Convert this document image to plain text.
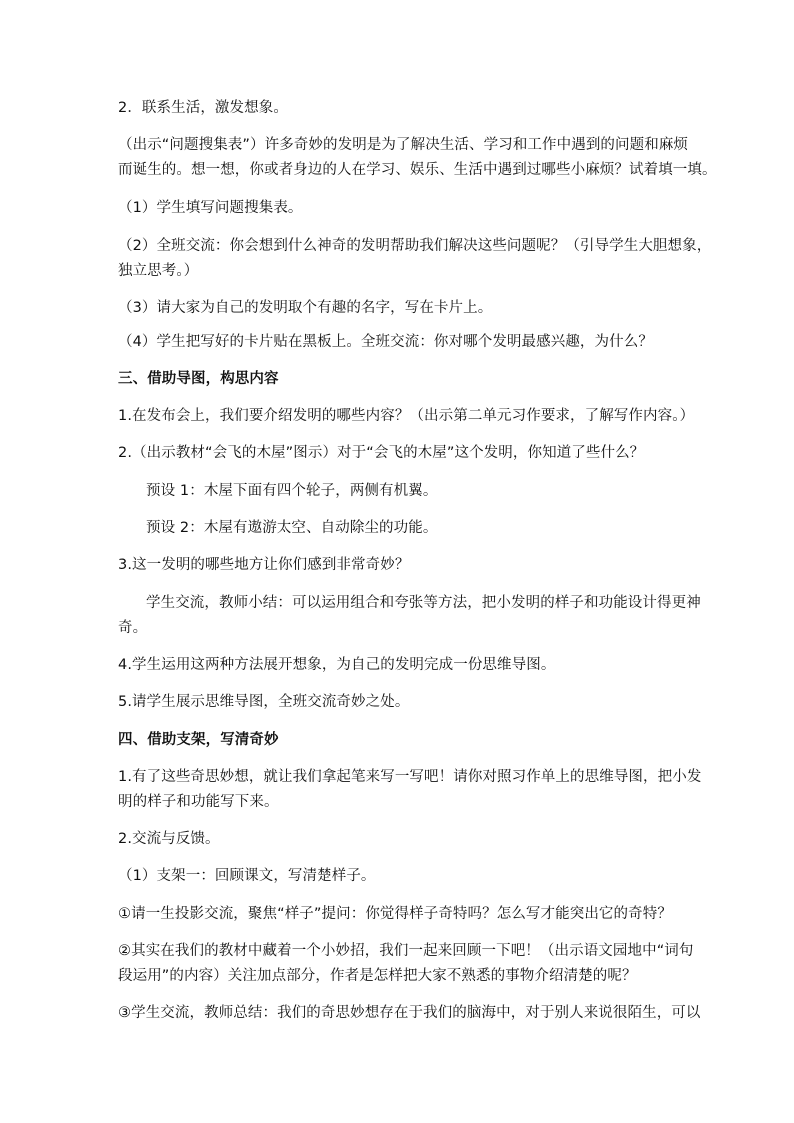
2．联系生活，激发想象。
（出示“问题搜集表”）许多奇妙的发明是为了解决生活、学习和工作中遇到的问题和麻烦
而诞生的。想一想，你或者身边的人在学习、娱乐、生活中遇到过哪些小麻烦？试着填一填。
（1）学生填写问题搜集表。
（2）全班交流：你会想到什么神奇的发明帮助我们解决这些问题呢？（引导学生大胆想象，
独立思考。）
（3）请大家为自己的发明取个有趣的名字，写在卡片上。
（4）学生把写好的卡片贴在黑板上。全班交流：你对哪个发明最感兴趣，为什么？
三、借助导图，构思内容
1.在发布会上，我们要介绍发明的哪些内容？（出示第二单元习作要求，了解写作内容。）
2.（出示教材“会飞的木屋”图示）对于“会飞的木屋”这个发明，你知道了些什么？
预设 1：木屋下面有四个轮子，两侧有机翼。
预设 2：木屋有遨游太空、自动除尘的功能。
3.这一发明的哪些地方让你们感到非常奇妙？
学生交流，教师小结：可以运用组合和夸张等方法，把小发明的样子和功能设计得更神
奇。
4.学生运用这两种方法展开想象，为自己的发明完成一份思维导图。
5.请学生展示思维导图，全班交流奇妙之处。
四、借助支架，写清奇妙
1.有了这些奇思妙想，就让我们拿起笔来写一写吧！请你对照习作单上的思维导图，把小发
明的样子和功能写下来。
2.交流与反馈。
（1）支架一：回顾课文，写清楚样子。
①请一生投影交流，聚焦“样子”提问：你觉得样子奇特吗？怎么写才能突出它的奇特？
②其实在我们的教材中藏着一个小妙招，我们一起来回顾一下吧！（出示语文园地中“词句
段运用”的内容）关注加点部分，作者是怎样把大家不熟悉的事物介绍清楚的呢？
③学生交流，教师总结：我们的奇思妙想存在于我们的脑海中，对于别人来说很陌生，可以
